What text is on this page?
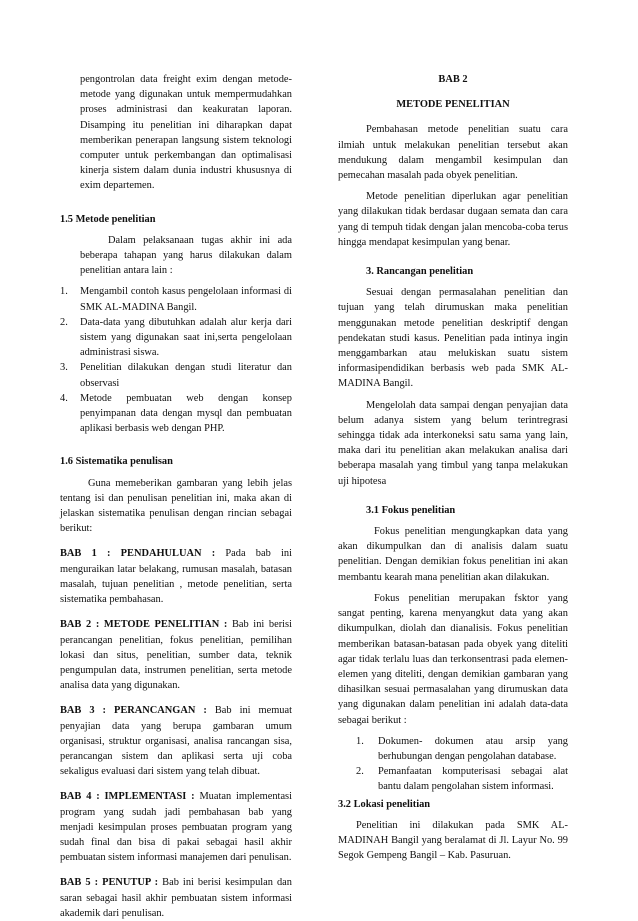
pengontrolan data freight exim dengan metode-metode yang digunakan untuk mempermudahkan proses administrasi dan keakuratan laporan. Disamping itu penelitian ini diharapkan dapat memberikan penerapan langsung sistem teknologi computer untuk perkembangan dan optimalisasi kinerja sistem dalam dunia industri khususnya di exim departemen.

1.5 Metode penelitian

Dalam pelaksanaan tugas akhir ini ada beberapa tahapan yang harus dilakukan dalam penelitian antara lain :

1. Mengambil contoh kasus pengelolaan informasi di SMK AL-MADINA Bangil.
2. Data-data yang dibutuhkan adalah alur kerja dari sistem yang digunakan saat ini,serta pengelolaan administrasi siswa.
3. Penelitian dilakukan dengan studi literatur dan observasi
4. Metode pembuatan web dengan konsep penyimpanan data dengan mysql dan pembuatan aplikasi berbasis web dengan PHP.

1.6 Sistematika penulisan

Guna memeberikan gambaran yang lebih jelas tentang isi dan penulisan penelitian ini, maka akan di jelaskan sistematika penulisan dengan rincian sebagai berikut:

BAB 1 : PENDAHULUAN : Pada bab ini menguraikan latar belakang, rumusan masalah, batasan masalah, tujuan penelitian , metode penelitian, serta sistematika pembahasan.

BAB 2 : METODE PENELITIAN : Bab ini berisi perancangan penelitian, fokus penelitian, pemilihan lokasi dan situs, penelitian, sumber data, teknik pengumpulan data, instrumen penelitian, serta metode analisa data yang digunakan.

BAB 3 : PERANCANGAN : Bab ini memuat penyajian data yang berupa gambaran umum organisasi, struktur organisasi, analisa rancangan sisa, perancangan sistem dan aplikasi serta uji coba sekaligus evaluasi dari sistem yang telah dibuat.

BAB 4 : IMPLEMENTASI : Muatan implementasi program yang sudah jadi pembahasan bab yang menjadi kesimpulan proses pembuatan program yang sudah final dan bisa di pakai sebagai hasil akhir pembuatan sistem informasi manajemen dari penulisan.

BAB 5 : PENUTUP : Bab ini berisi kesimpulan dan saran sebagai hasil akhir pembuatan sistem informasi akademik dari penulisan.

BAB 2

METODE PENELITIAN

Pembahasan metode penelitian suatu cara ilmiah untuk melakukan penelitian tersebut akan mendukung dalam mengambil kesimpulan dan pemecahan masalah pada obyek penelitian.

Metode penelitian diperlukan agar penelitian yang dilakukan tidak berdasar dugaan semata dan cara yang di tempuh tidak dengan jalan mencoba-coba terus hingga mendapat kesimpulan yang benar.

3. Rancangan penelitian

Sesuai dengan permasalahan penelitian dan tujuan yang telah dirumuskan maka penelitian menggunakan metode penelitian deskriptif dengan pendekatan studi kasus. Penelitian pada intinya ingin menggambarkan atau melukiskan suatu sistem informasipendidikan berbasis web pada SMK AL-MADINA Bangil.

Mengelolah data sampai dengan penyajian data belum adanya sistem yang belum terintregrasi sehingga tidak ada interkoneksi satu sama yang lain, maka dari itu penelitian akan melakukan analisa dari beberapa masalah yang timbul yang tanpa melakukan uji hipotesa

3.1 Fokus penelitian

Fokus penelitian mengungkapkan data yang akan dikumpulkan dan di analisis dalam suatu penelitian. Dengan demikian fokus penelitian ini akan membantu kearah mana penelitian akan dilakukan.

Fokus penelitian merupakan fsktor yang sangat penting, karena menyangkut data yang akan dikumpulkan, diolah dan dianalisis. Fokus penelitian memberikan batasan-batasan pada obyek yang diteliti agar tidak terlalu luas dan terkonsentrasi pada elemen-elemen yang diteliti, dengan demikian gambaran yang dihasilkan sesuai permasalahan yang dirumuskan data yang digunakan dalam penelitian ini adalah data-data sebagai berikut :

1. Dokumen- dokumen atau arsip yang berhubungan dengan pengolahan database.
2. Pemanfaatan komputerisasi sebagai alat bantu dalam pengolahan sistem informasi.

3.2 Lokasi penelitian

Penelitian ini dilakukan pada SMK AL-MADINAH Bangil yang beralamat di Jl. Layur No. 99 Segok Gempeng Bangil – Kab. Pasuruan.
